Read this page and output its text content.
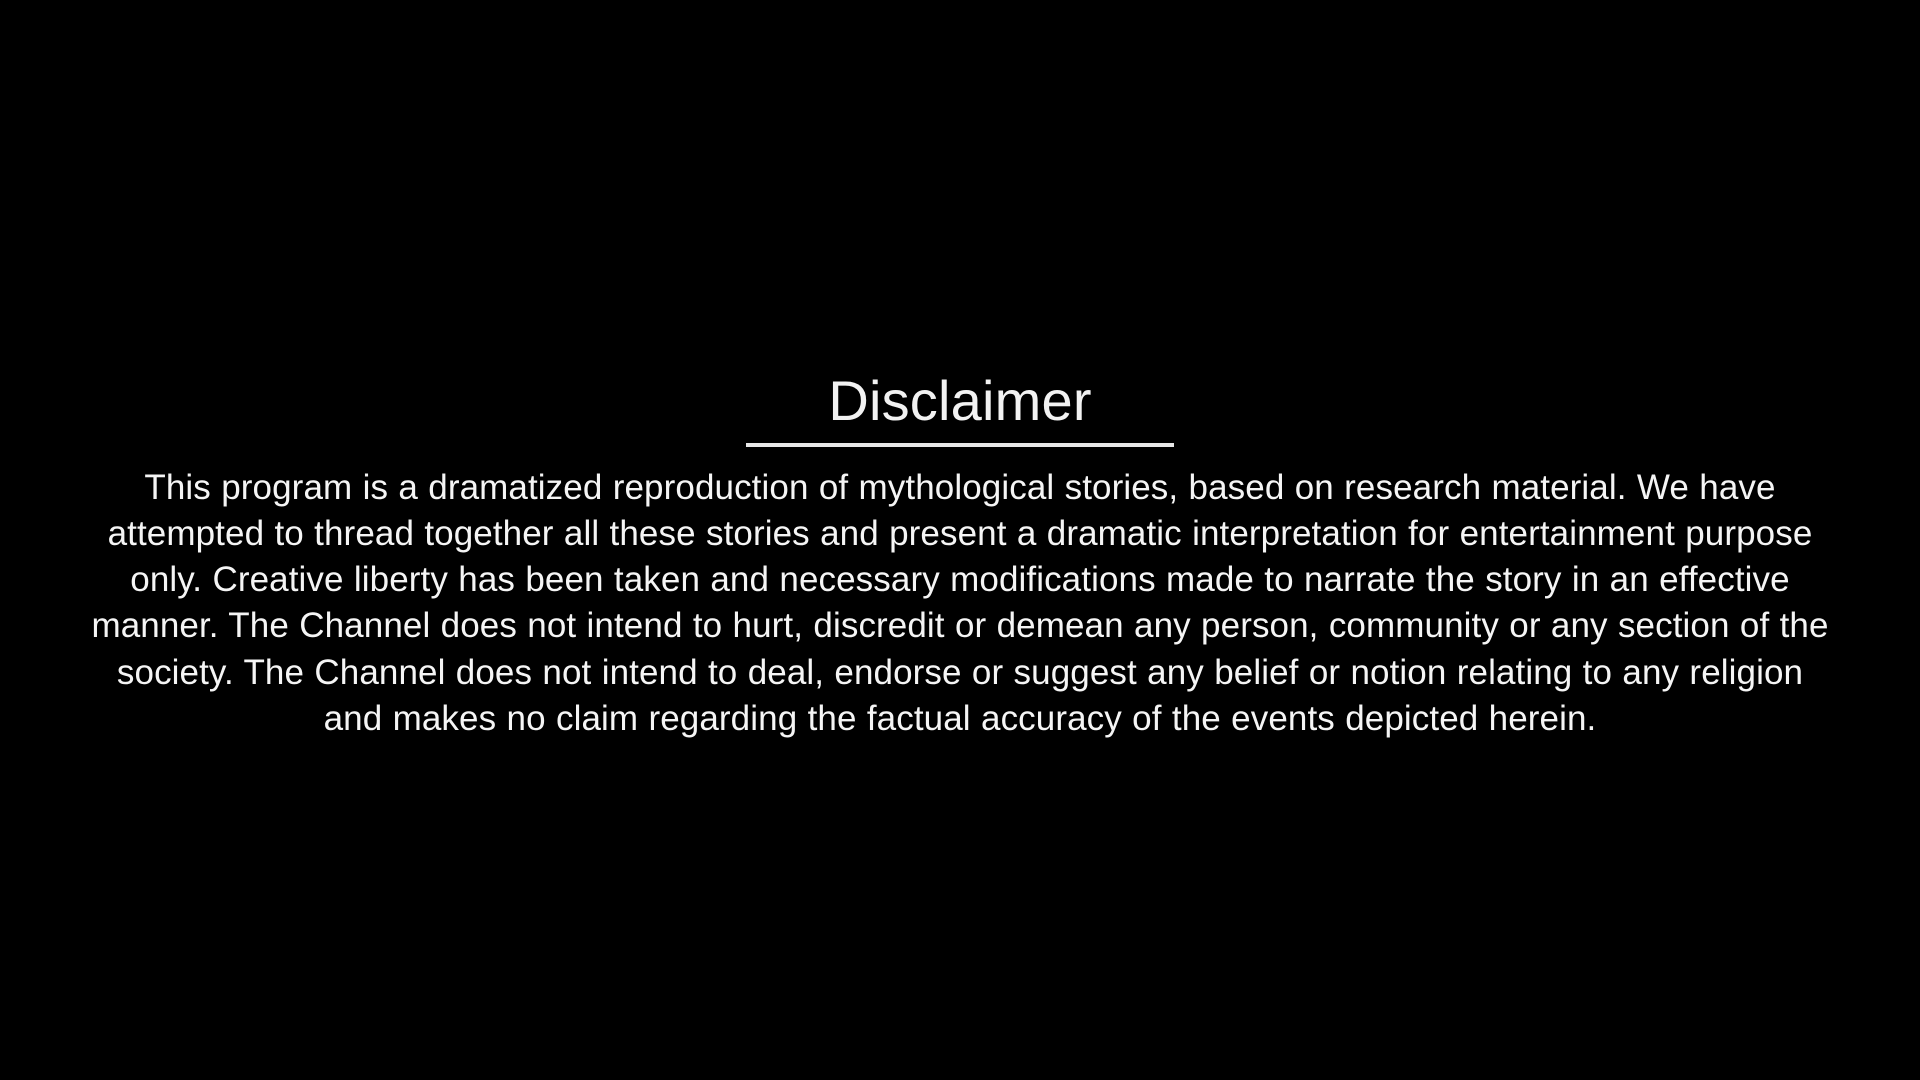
Disclaimer

This program is a dramatized reproduction of mythological stories, based on research material. We have attempted to thread together all these stories and present a dramatic interpretation for entertainment purpose only. Creative liberty has been taken and necessary modifications made to narrate the story in an effective manner. The Channel does not intend to hurt, discredit or demean any person, community or any section of the society. The Channel does not intend to deal, endorse or suggest any belief or notion relating to any religion and makes no claim regarding the factual accuracy of the events depicted herein.
